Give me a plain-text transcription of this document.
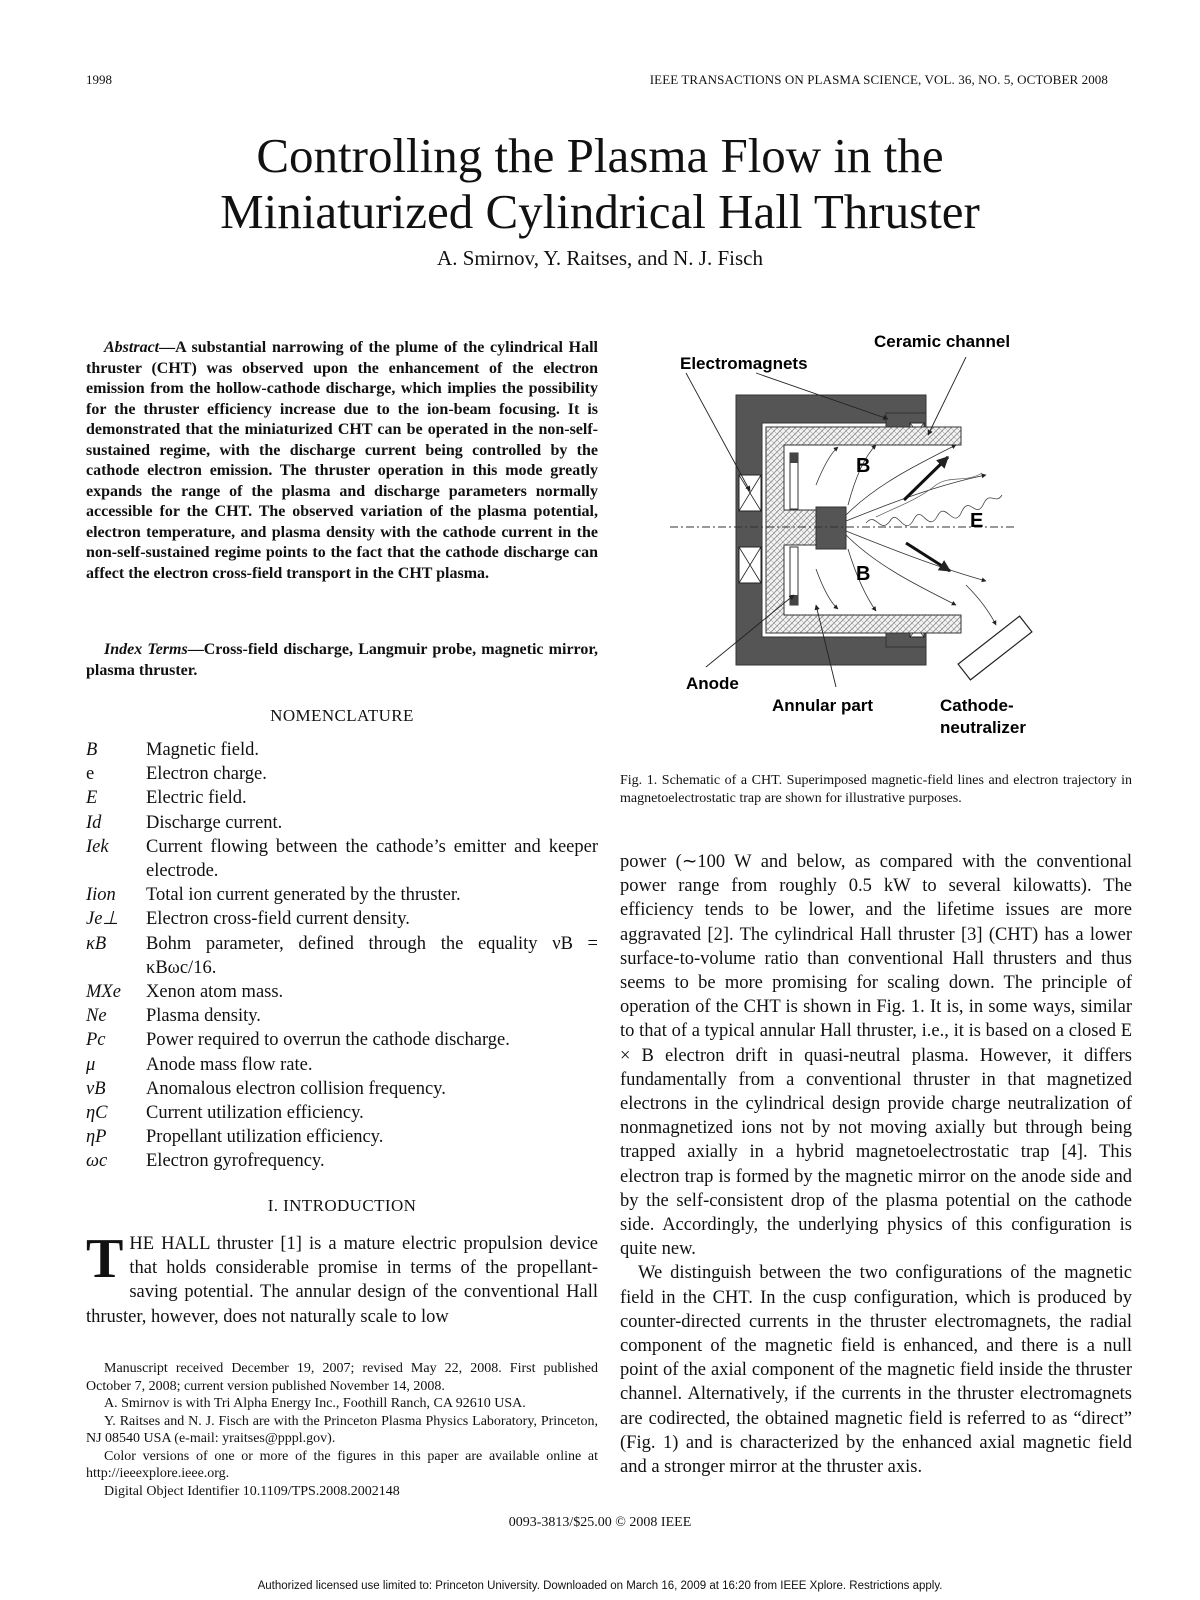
1998	IEEE TRANSACTIONS ON PLASMA SCIENCE, VOL. 36, NO. 5, OCTOBER 2008
Controlling the Plasma Flow in the
Miniaturized Cylindrical Hall Thruster
A. Smirnov, Y. Raitses, and N. J. Fisch
Abstract—A substantial narrowing of the plume of the cylindrical Hall thruster (CHT) was observed upon the enhancement of the electron emission from the hollow-cathode discharge, which implies the possibility for the thruster efficiency increase due to the ion-beam focusing. It is demonstrated that the miniaturized CHT can be operated in the non-self-sustained regime, with the discharge current being controlled by the cathode electron emission. The thruster operation in this mode greatly expands the range of the plasma and discharge parameters normally accessible for the CHT. The observed variation of the plasma potential, electron temperature, and plasma density with the cathode current in the non-self-sustained regime points to the fact that the cathode discharge can affect the electron cross-field transport in the CHT plasma.
Index Terms—Cross-field discharge, Langmuir probe, magnetic mirror, plasma thruster.
NOMENCLATURE
B	Magnetic field.
e	Electron charge.
E	Electric field.
Id	Discharge current.
Iek	Current flowing between the cathode’s emitter and keeper electrode.
Iion	Total ion current generated by the thruster.
Je⊥	Electron cross-field current density.
κB	Bohm parameter, defined through the equality νB = κBωc/16.
MXe	Xenon atom mass.
Ne	Plasma density.
Pc	Power required to overrun the cathode discharge.
μ	Anode mass flow rate.
νB	Anomalous electron collision frequency.
ηC	Current utilization efficiency.
ηP	Propellant utilization efficiency.
ωc	Electron gyrofrequency.
I. INTRODUCTION
THE HALL thruster [1] is a mature electric propulsion device that holds considerable promise in terms of the propellant-saving potential. The annular design of the conventional Hall thruster, however, does not naturally scale to low

Manuscript received December 19, 2007; revised May 22, 2008. First published October 7, 2008; current version published November 14, 2008.

A. Smirnov is with Tri Alpha Energy Inc., Foothill Ranch, CA 92610 USA.

Y. Raitses and N. J. Fisch are with the Princeton Plasma Physics Laboratory, Princeton, NJ 08540 USA (e-mail: yraitses@pppl.gov).

Color versions of one or more of the figures in this paper are available online at http://ieeexplore.ieee.org.

Digital Object Identifier 10.1109/TPS.2008.2002148

Ceramic channel
Electromagnets
B
B
E
Anode
Annular part	Cathode-
neutralizer
Fig. 1. Schematic of a CHT. Superimposed magnetic-field lines and electron trajectory in magnetoelectrostatic trap are shown for illustrative purposes.

power (∼100 W and below, as compared with the conventional power range from roughly 0.5 kW to several kilowatts). The efficiency tends to be lower, and the lifetime issues are more aggravated [2]. The cylindrical Hall thruster [3] (CHT) has a lower surface-to-volume ratio than conventional Hall thrusters and thus seems to be more promising for scaling down. The principle of operation of the CHT is shown in Fig. 1. It is, in some ways, similar to that of a typical annular Hall thruster, i.e., it is based on a closed E × B electron drift in quasi-neutral plasma. However, it differs fundamentally from a conventional thruster in that magnetized electrons in the cylindrical design provide charge neutralization of nonmagnetized ions not by not moving axially but through being trapped axially in a hybrid magnetoelectrostatic trap [4]. This electron trap is formed by the magnetic mirror on the anode side and by the self-consistent drop of the plasma potential on the cathode side. Accordingly, the underlying physics of this configuration is quite new.

We distinguish between the two configurations of the magnetic field in the CHT. In the cusp configuration, which is produced by counter-directed currents in the thruster electromagnets, the radial component of the magnetic field is enhanced, and there is a null point of the axial component of the magnetic field inside the thruster channel. Alternatively, if the currents in the thruster electromagnets are codirected, the obtained magnetic field is referred to as “direct” (Fig. 1) and is characterized by the enhanced axial magnetic field and a stronger mirror at the thruster axis.

0093-3813/$25.00 © 2008 IEEE
Authorized licensed use limited to: Princeton University. Downloaded on March 16, 2009 at 16:20 from IEEE Xplore. Restrictions apply.
